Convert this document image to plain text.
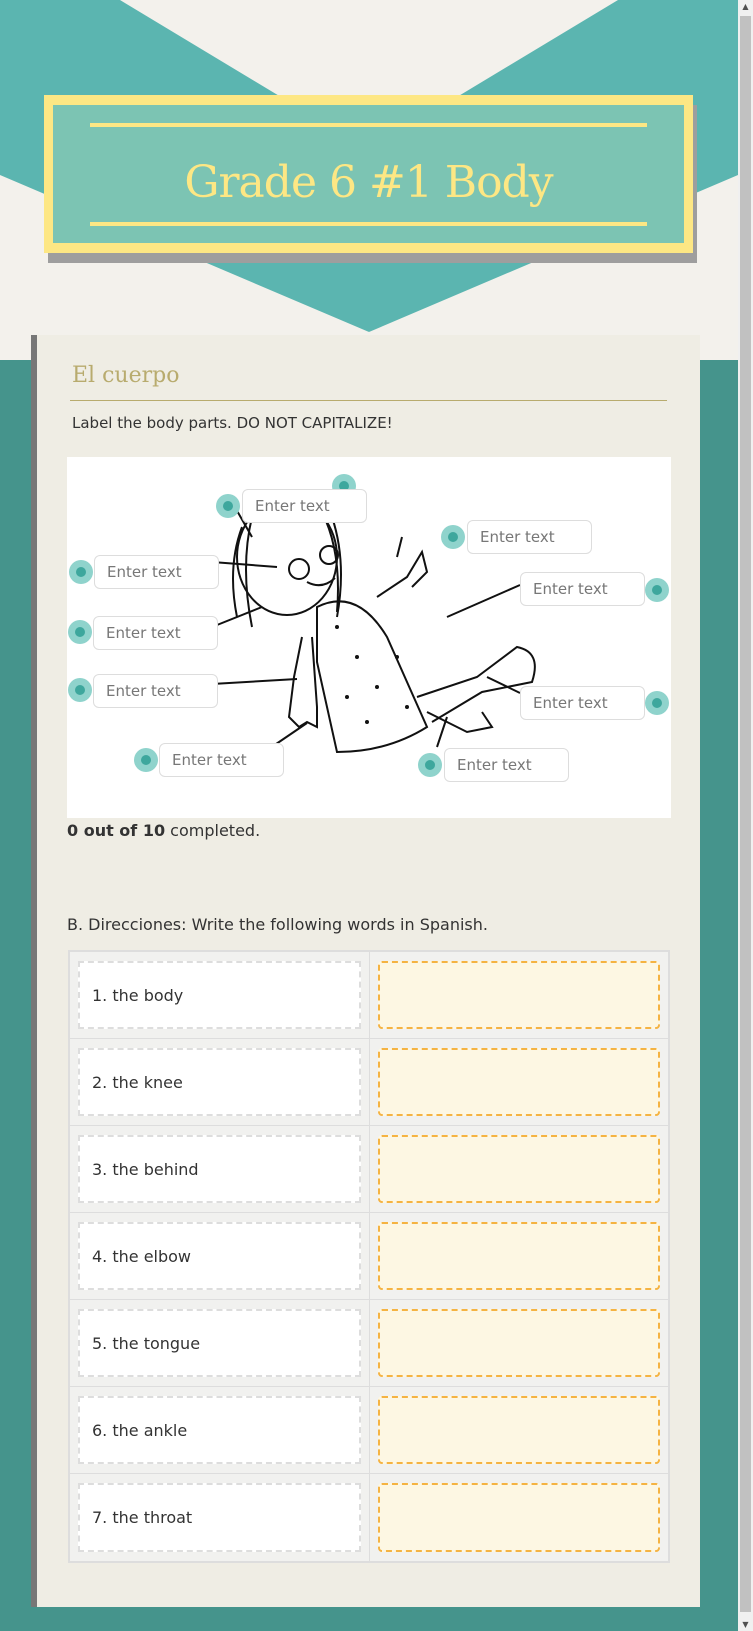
Grade 6 #1 Body
El cuerpo
Label the body parts. DO NOT CAPITALIZE!
Enter text
Enter text
Enter text
Enter text
Enter text
Enter text
Enter text
Enter text
Enter text
0 out of 10 completed.
B. Direcciones: Write the following words in Spanish.
1. the body
2. the knee
3. the behind
4. the elbow
5. the tongue
6. the ankle
7. the throat
▲
▼
